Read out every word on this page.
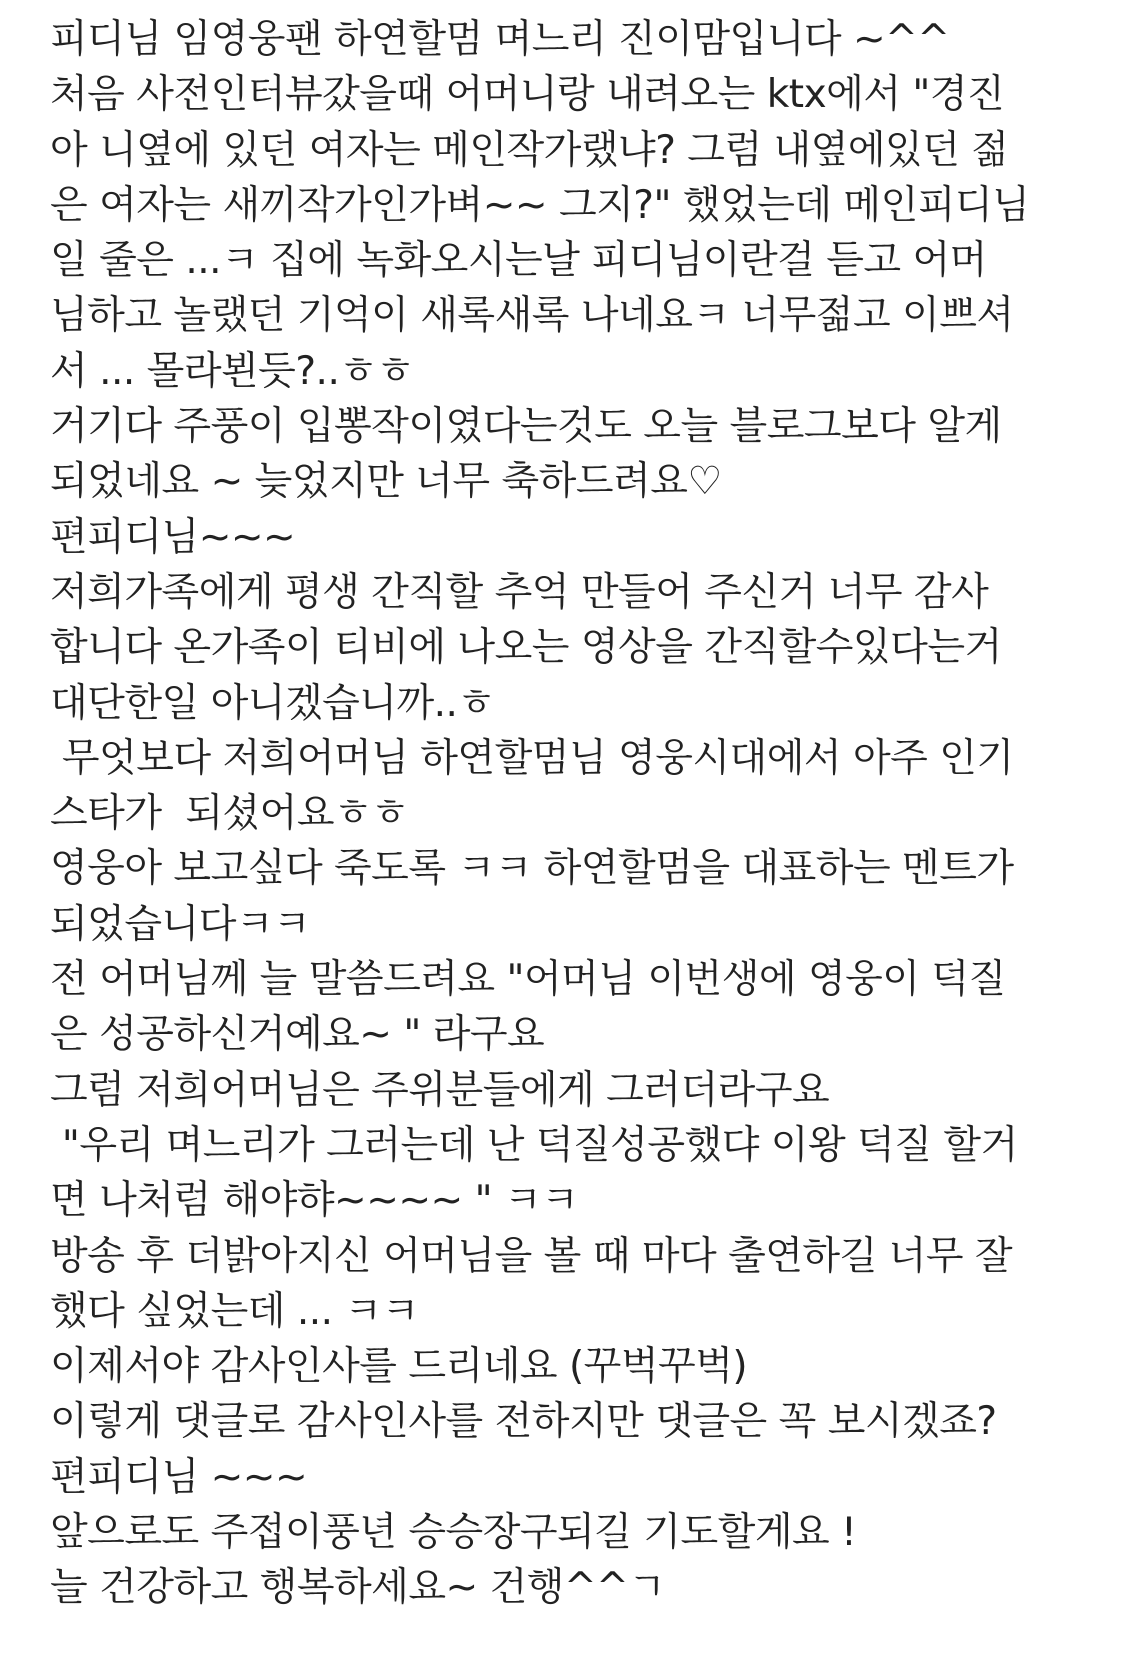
피디님 임영웅팬 하연할멈 며느리 진이맘입니다 ~^^
처음 사전인터뷰갔을때 어머니랑 내려오는 ktx에서 "경진
아 니옆에 있던 여자는 메인작가랬냐? 그럼 내옆에있던 젊
은 여자는 새끼작가인가벼~~ 그지?" 했었는데 메인피디님
일 줄은 ...ㅋ 집에 녹화오시는날 피디님이란걸 듣고 어머
님하고 놀랬던 기억이 새록새록 나네요ㅋ 너무젊고 이쁘셔
서 ... 몰라뵌듯?..ㅎㅎ
거기다 주풍이 입뽕작이였다는것도 오늘 블로그보다 알게
되었네요 ~ 늦었지만 너무 축하드려요♡
편피디님~~~
저희가족에게 평생 간직할 추억 만들어 주신거 너무 감사
합니다 온가족이 티비에 나오는 영상을 간직할수있다는거
대단한일 아니겠습니까..ㅎ
무엇보다 저희어머님 하연할멈님 영웅시대에서 아주 인기
스타가  되셨어요ㅎㅎ
영웅아 보고싶다 죽도록 ㅋㅋ 하연할멈을 대표하는 멘트가
되었습니다ㅋㅋ
전 어머님께 늘 말씀드려요 "어머님 이번생에 영웅이 덕질
은 성공하신거예요~ " 라구요
그럼 저희어머님은 주위분들에게 그러더라구요
"우리 며느리가 그러는데 난 덕질성공했댜 이왕 덕질 할거
면 나처럼 해야햐~~~~ " ㅋㅋ
방송 후 더밝아지신 어머님을 볼 때 마다 출연하길 너무 잘
했다 싶었는데 ... ㅋㅋ
이제서야 감사인사를 드리네요 (꾸벅꾸벅)
이렇게 댓글로 감사인사를 전하지만 댓글은 꼭 보시겠죠?
편피디님 ~~~
앞으로도 주접이풍년 승승장구되길 기도할게요 !
늘 건강하고 행복하세요~ 건행^^ㄱ
